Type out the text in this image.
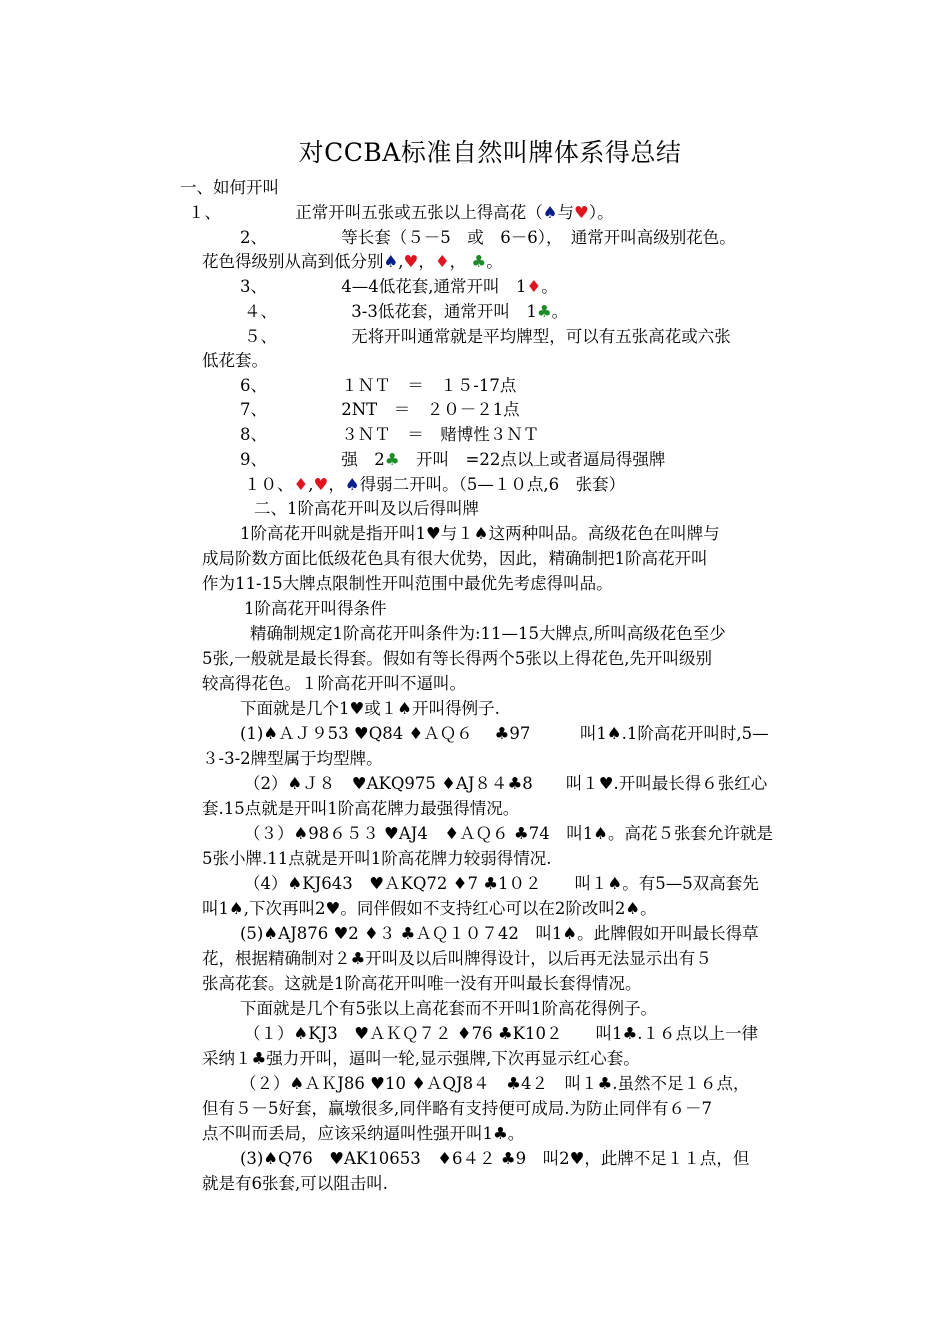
对CCBA标准自然叫牌体系得总结
一、如何开叫
１、　　　　　正常开叫五张或五张以上得高花（♠与♥）。
2、　　　　　等长套（５－5　或　6－6），　通常开叫高级别花色。
花色得级别从高到低分别♠,♥，♦， ♣。
3、　　　　　4—4低花套,通常开叫　1♦。
４、　　　　　3-3低花套，通常开叫　1♣。
５、　　　　　无将开叫通常就是平均牌型，可以有五张高花或六张
低花套。
6、　　　　　１ＮＴ　＝　１５-17点
7、　　　　　2NT　＝　２０－２1点
8、　　　　　３ＮＴ　＝　赌博性３ＮＴ
9、　　　　　强　2♣　开叫　=22点以上或者逼局得强牌
１０、♦,♥，♠得弱二开叫。（5—１０点,6　张套）
二、1阶高花开叫及以后得叫牌
1阶高花开叫就是指开叫1♥与１♠这两种叫品。高级花色在叫牌与
成局阶数方面比低级花色具有很大优势，因此，精确制把1阶高花开叫
作为11-15大牌点限制性开叫范围中最优先考虑得叫品。
1阶高花开叫得条件
精确制规定1阶高花开叫条件为:11—15大牌点,所叫高级花色至少
5张,一般就是最长得套。假如有等长得两个5张以上得花色,先开叫级别
较高得花色。１阶高花开叫不逼叫。
下面就是几个1♥或１♠开叫得例子.
(1)♠ＡＪ９53 ♥Q84 ♦ＡＱ６　 ♣97　　　	叫1♠.1阶高花开叫时,5—
３-3-2牌型属于均型牌。
（2）♠Ｊ８　 ♥AKQ975 ♦AJ８４♣8　　 叫１♥.开叫最长得６张红心
套.15点就是开叫1阶高花牌力最强得情况。
（３）♠98６５３ ♥AJ4　 ♦ＡＱ６ ♣74　 叫1♠。高花５张套允许就是
5张小牌.11点就是开叫1阶高花牌力较弱得情况.
（4）♠KJ643　 ♥ＡKQ72 ♦7 ♣1０２　　 叫１♠。有5—5双高套先
叫1♠,下次再叫2♥。同伴假如不支持红心可以在2阶改叫2♠。
(5)♠AJ876 ♥2 ♦３ ♣ＡＱ１０７42　 叫1♠。此牌假如开叫最长得草
花，根据精确制对２♣开叫及以后叫牌得设计，以后再无法显示出有５
张高花套。这就是1阶高花开叫唯一没有开叫最长套得情况。
下面就是几个有5张以上高花套而不开叫1阶高花得例子。
（１）♠KJ3　 ♥ＡＫＱ７２ ♦76 ♣K10２　　 叫1♣.１６点以上一律
采纳１♣强力开叫，逼叫一轮,显示强牌,下次再显示红心套。
（２）♠ＡＫJ86 ♥10 ♦ＡQJ8４　 ♣4２　 叫１♣.虽然不足１６点，
但有５－5好套，赢墩很多,同伴略有支持便可成局.为防止同伴有６－7
点不叫而丢局，应该采纳逼叫性强开叫1♣。
(3)♠Q76　 ♥AK10653　 ♦6４２ ♣9　 叫2♥，此牌不足１１点，但
就是有6张套,可以阻击叫.
